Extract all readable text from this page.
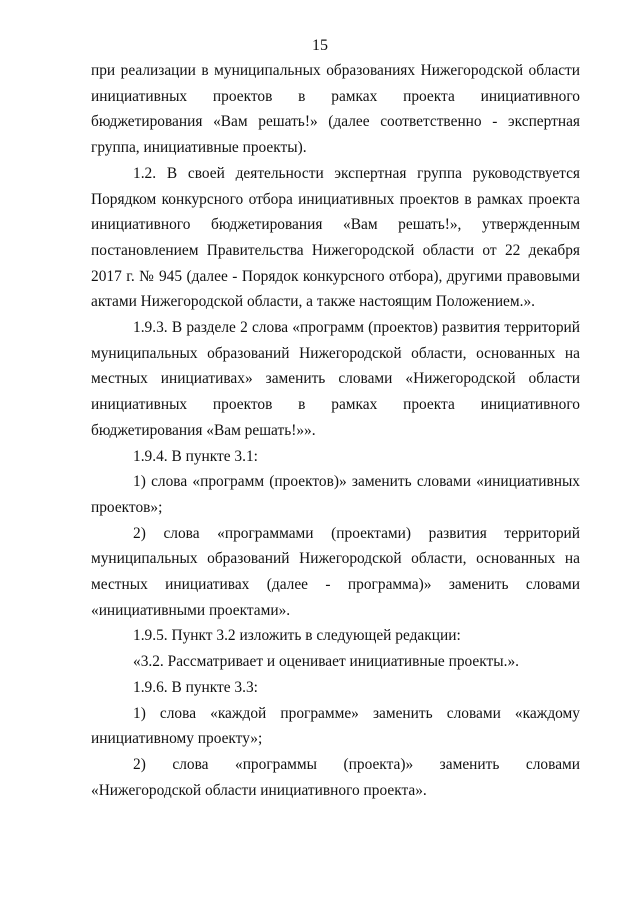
15

при реализации в муниципальных образованиях Нижегородской области инициативных проектов в рамках проекта инициативного бюджетирования «Вам решать!» (далее соответственно - экспертная группа, инициативные проекты).

1.2. В своей деятельности экспертная группа руководствуется Порядком конкурсного отбора инициативных проектов в рамках проекта инициативного бюджетирования «Вам решать!», утвержденным постановлением Правительства Нижегородской области от 22 декабря 2017 г. № 945 (далее - Порядок конкурсного отбора), другими правовыми актами Нижегородской области, а также настоящим Положением.».

1.9.3. В разделе 2 слова «программ (проектов) развития территорий муниципальных образований Нижегородской области, основанных на местных инициативах» заменить словами «Нижегородской области инициативных проектов в рамках проекта инициативного бюджетирования «Вам решать!»».

1.9.4. В пункте 3.1:

1) слова «программ (проектов)» заменить словами «инициативных проектов»;

2) слова «программами (проектами) развития территорий муниципальных образований Нижегородской области, основанных на местных инициативах (далее - программа)» заменить словами «инициативными проектами».

1.9.5. Пункт 3.2 изложить в следующей редакции:

«3.2. Рассматривает и оценивает инициативные проекты.».

1.9.6. В пункте 3.3:

1) слова «каждой программе» заменить словами «каждому инициативному проекту»;

2) слова «программы (проекта)» заменить словами «Нижегородской области инициативного проекта».
